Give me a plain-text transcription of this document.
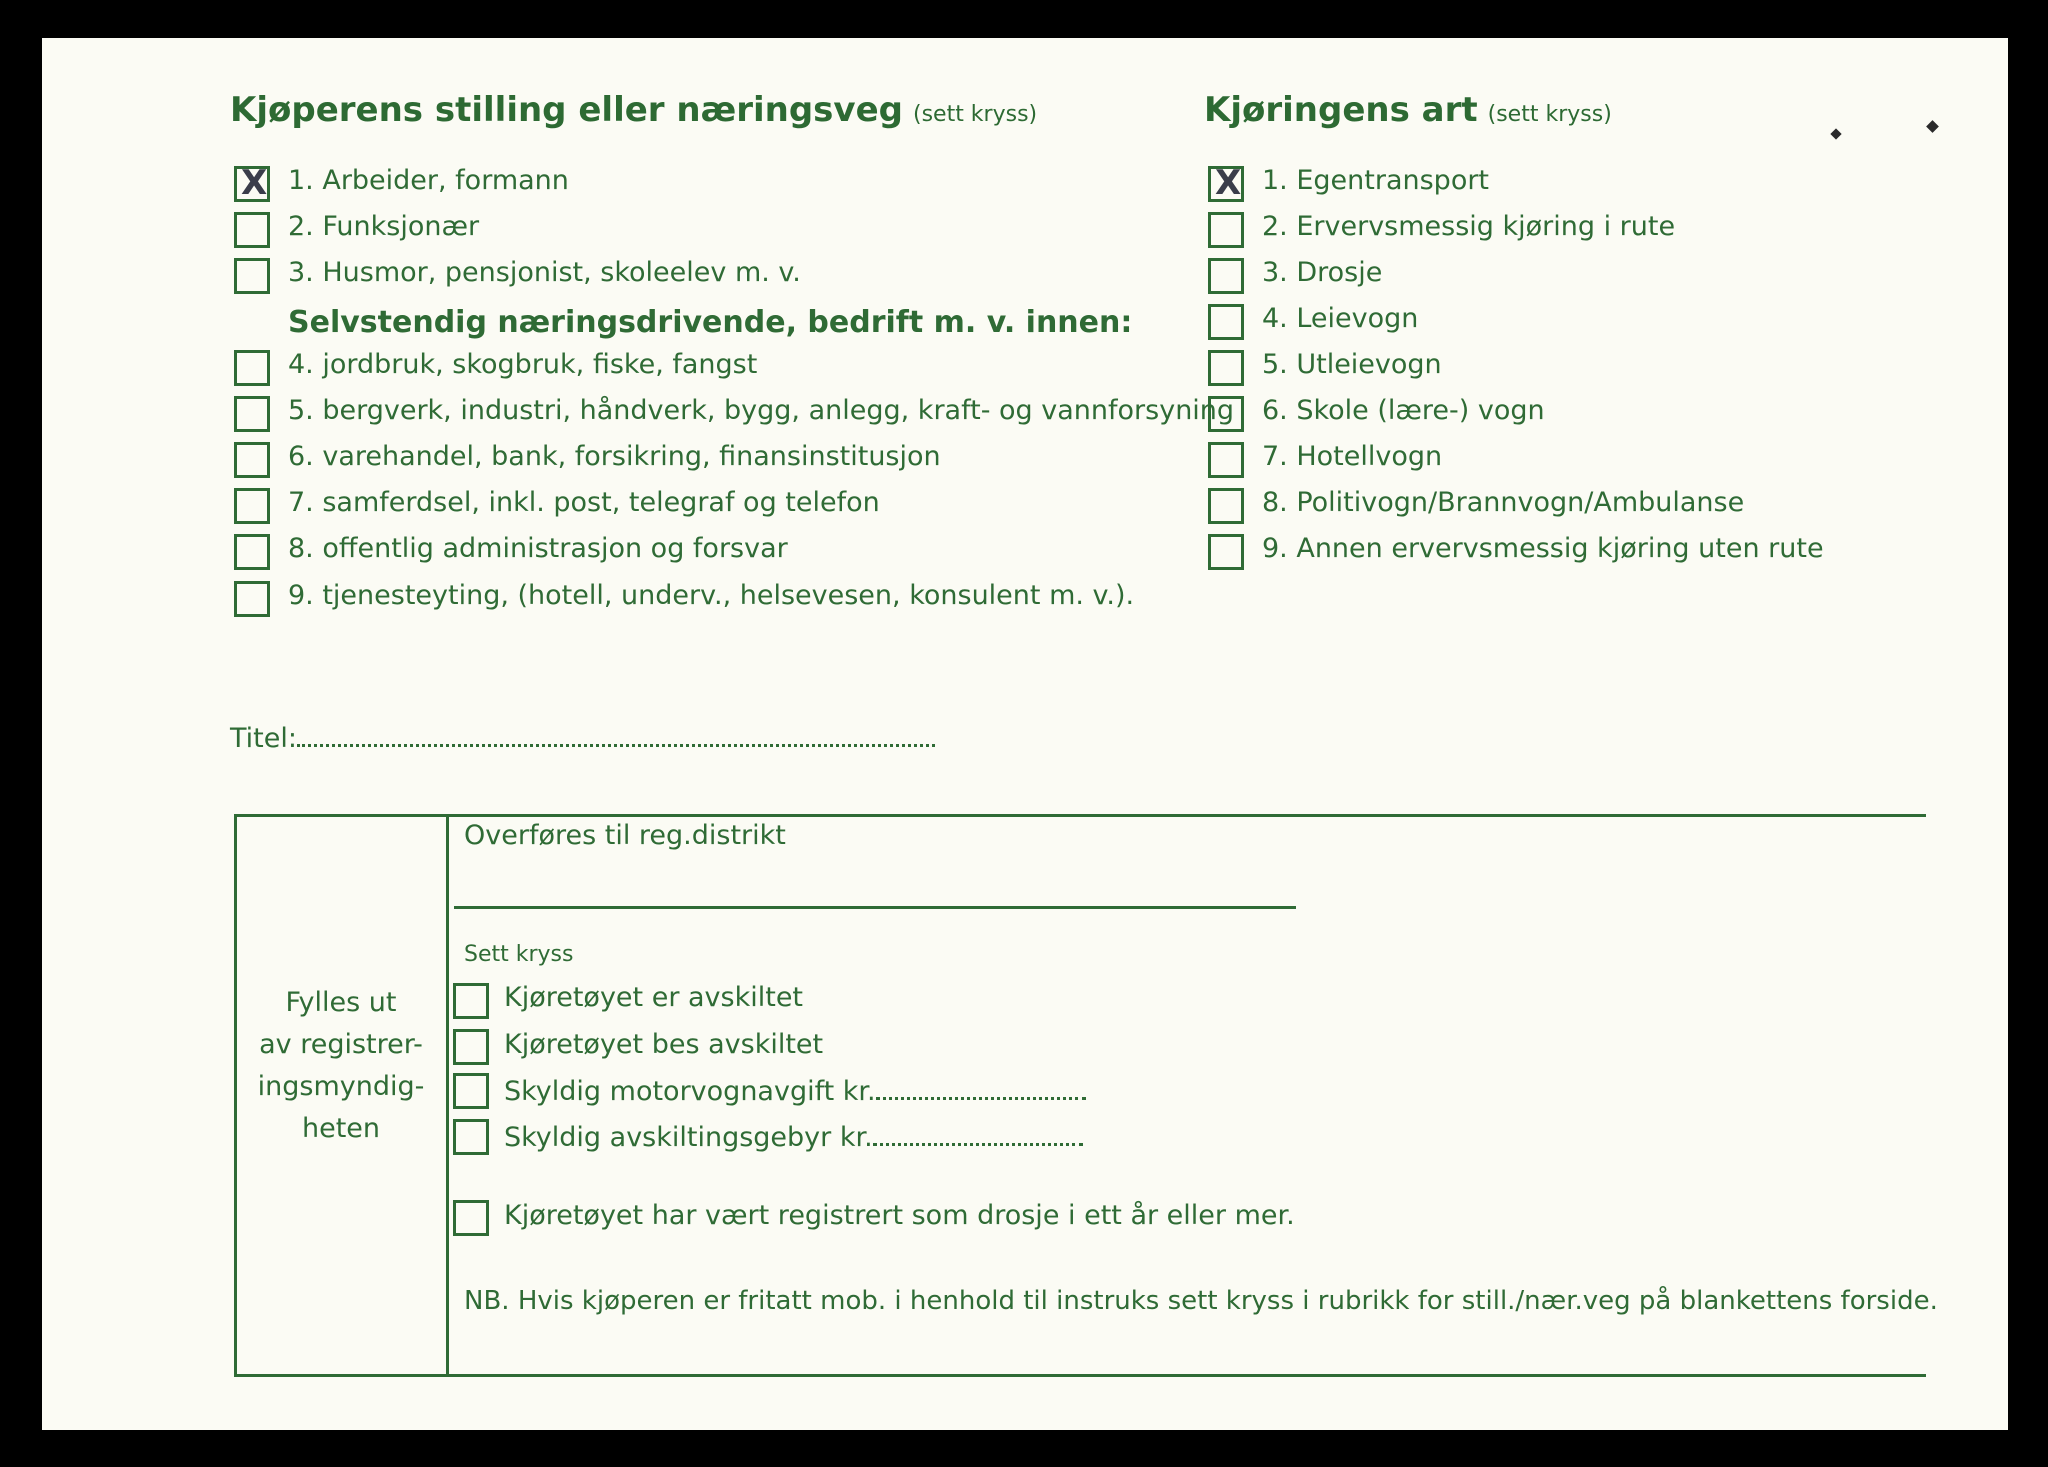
Kjøperens stilling eller næringsveg (sett kryss)	Kjøringens art (sett kryss)
X 1. Arbeider, formann
2. Funksjonær
3. Husmor, pensjonist, skoleelev m. v.
4. jordbruk, skogbruk, fiske, fangst
5. bergverk, industri, håndverk, bygg, anlegg, kraft- og vannforsyning
6. varehandel, bank, forsikring, finansinstitusjon
7. samferdsel, inkl. post, telegraf og telefon
8. offentlig administrasjon og forsvar
9. tjenesteyting, (hotell, underv., helsevesen, konsulent m. v.).
Selvstendig næringsdrivende, bedrift m. v. innen:
X 1. Egentransport
2. Ervervsmessig kjøring i rute
3. Drosje
4. Leievogn
5. Utleievogn
6. Skole (lære-) vogn
7. Hotellvogn
8. Politivogn/Brannvogn/Ambulanse
9. Annen ervervsmessig kjøring uten rute
Titel:
Fylles ut
av registrer-
ingsmyndig-
heten
Overføres til reg.distrikt
Sett kryss
Kjøretøyet er avskiltet
Kjøretøyet bes avskiltet
Skyldig motorvognavgift kr.
Skyldig avskiltingsgebyr kr.
Kjøretøyet har vært registrert som drosje i ett år eller mer.
NB. Hvis kjøperen er fritatt mob. i henhold til instruks sett kryss i rubrikk for still./nær.veg på blankettens forside.
